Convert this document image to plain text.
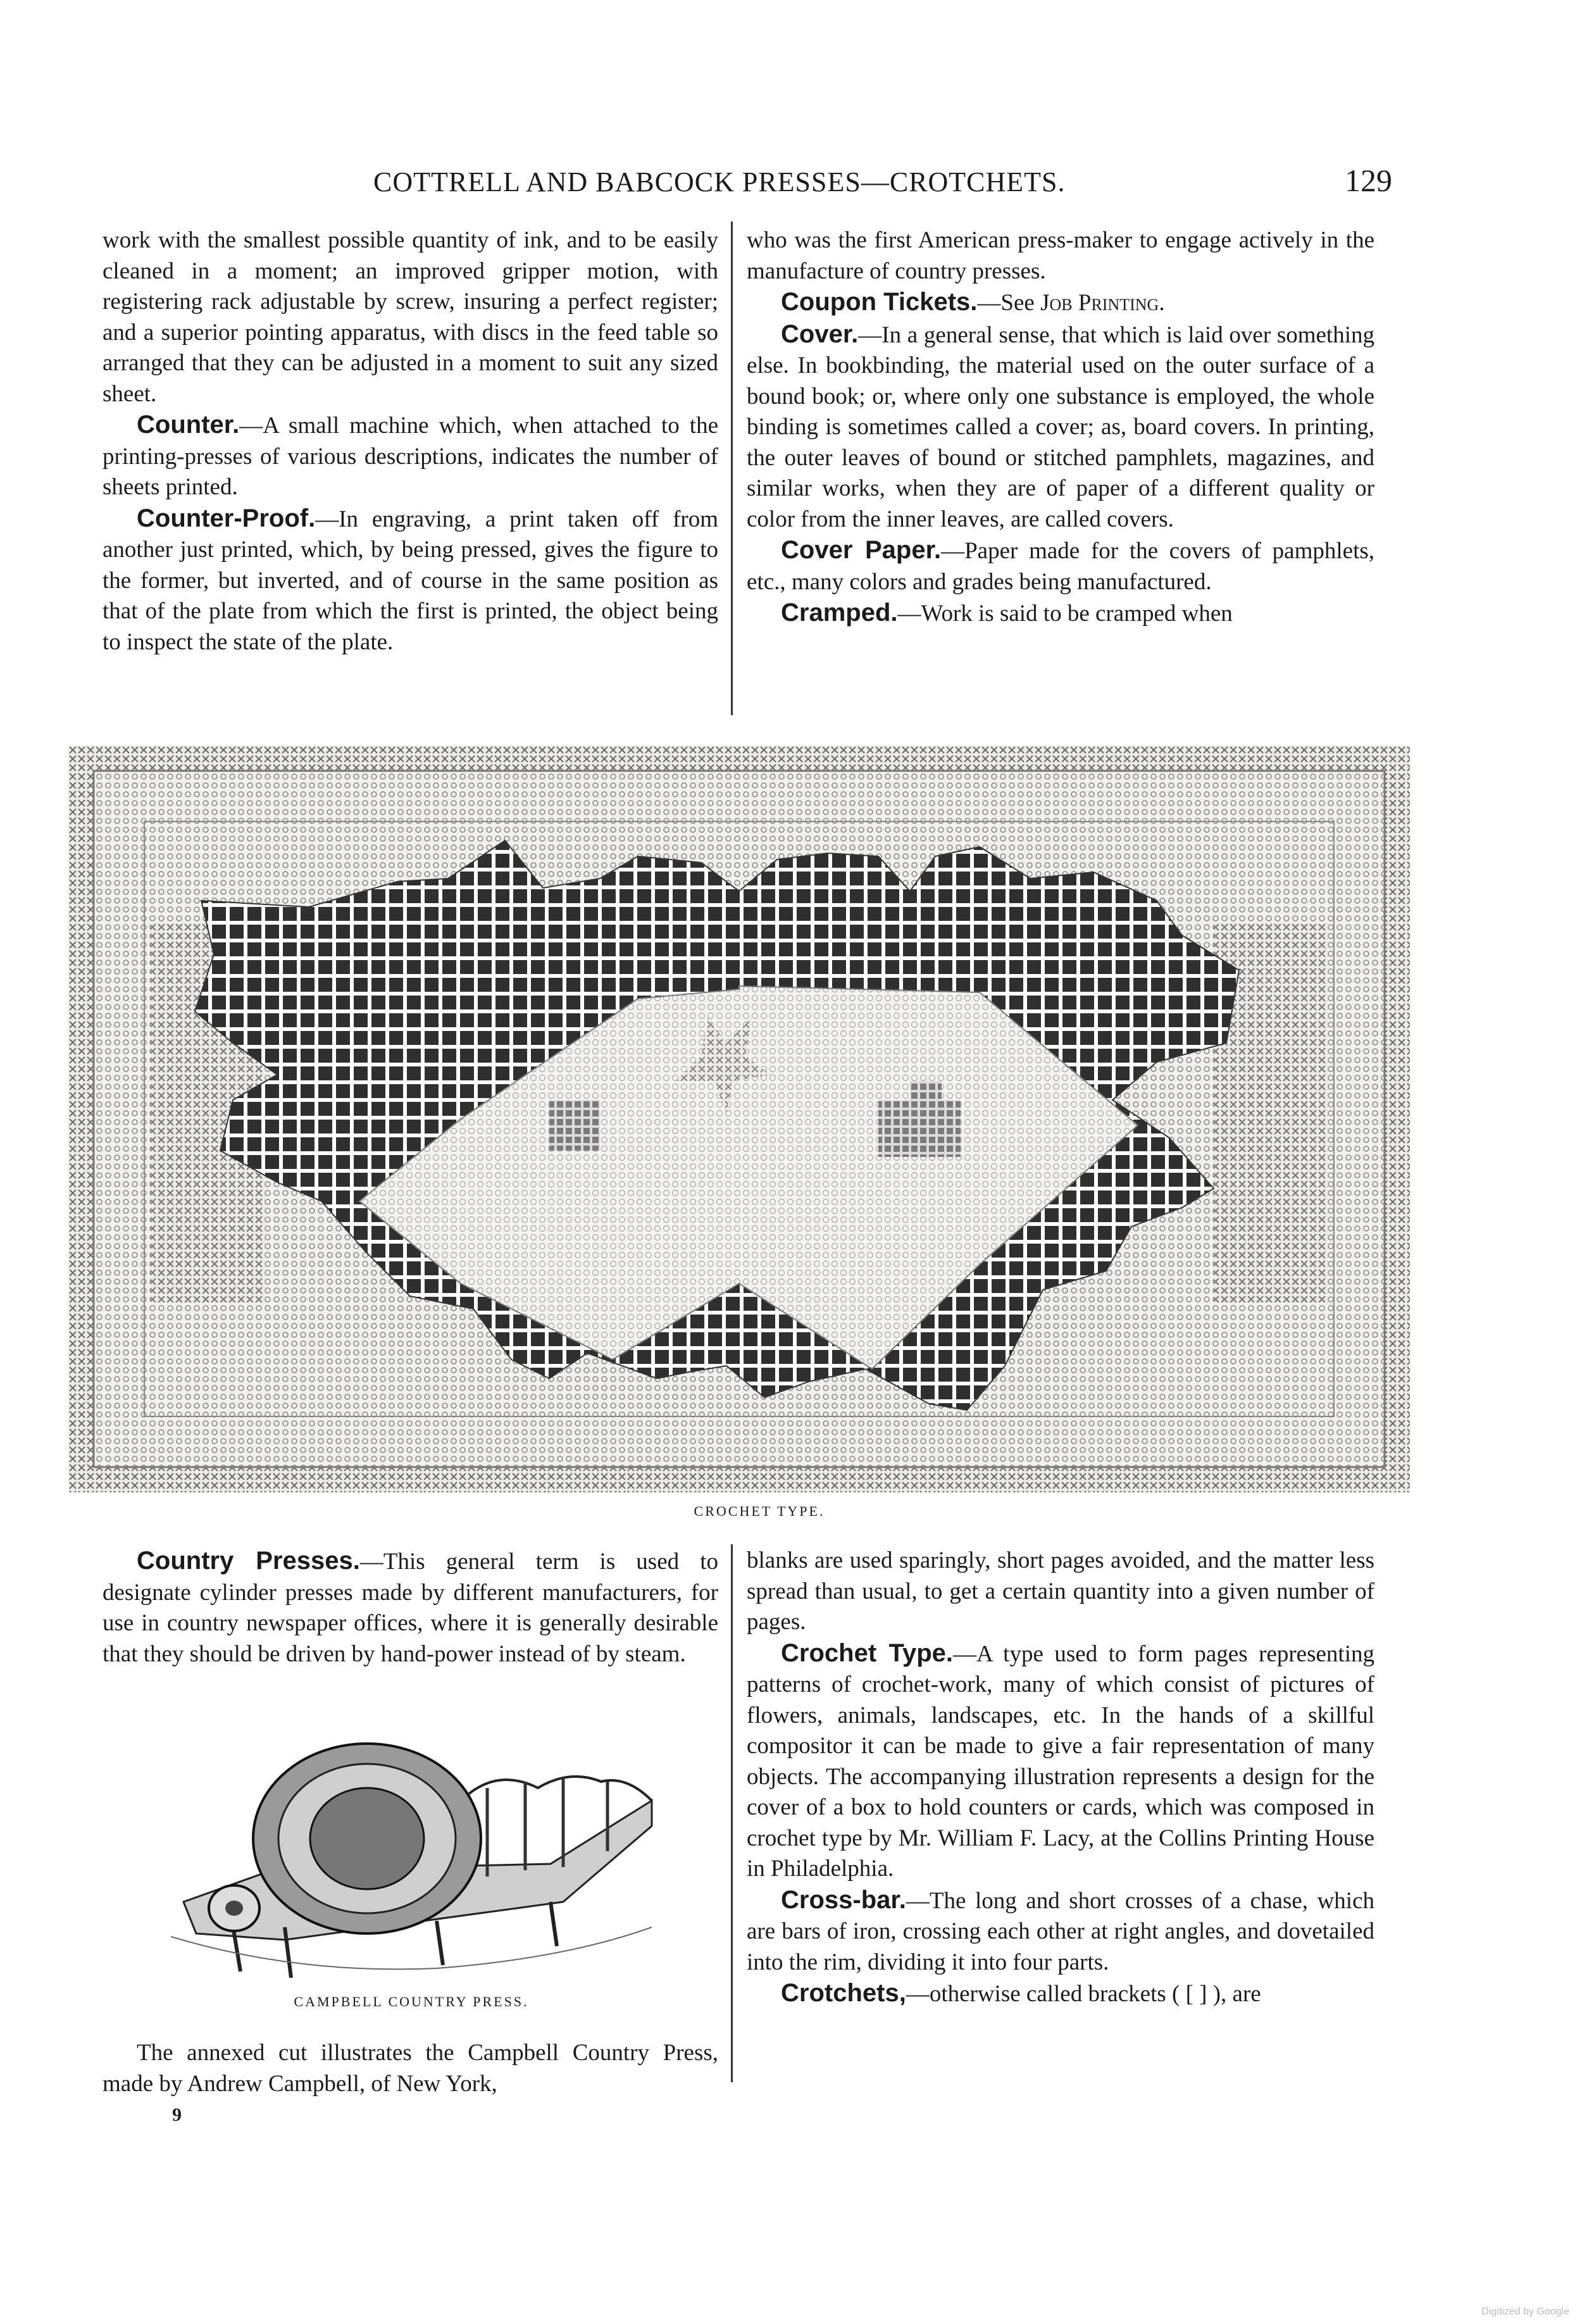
COTTRELL AND BABCOCK PRESSES—CROTCHETS.	129

work with the smallest possible quantity of ink, and to be easily cleaned in a moment; an improved gripper motion, with registering rack adjustable by screw, insuring a perfect register; and a superior pointing apparatus, with discs in the feed table so arranged that they can be adjusted in a moment to suit any sized sheet.

Counter.—A small machine which, when attached to the printing-presses of various descriptions, indicates the number of sheets printed.

Counter-Proof.—In engraving, a print taken off from another just printed, which, by being pressed, gives the figure to the former, but inverted, and of course in the same position as that of the plate from which the first is printed, the object being to inspect the state of the plate.

who was the first American press-maker to engage actively in the manufacture of country presses.

Coupon Tickets.—See Job Printing.

Cover.—In a general sense, that which is laid over something else. In bookbinding, the material used on the outer surface of a bound book; or, where only one substance is employed, the whole binding is sometimes called a cover; as, board covers. In printing, the outer leaves of bound or stitched pamphlets, magazines, and similar works, when they are of paper of a different quality or color from the inner leaves, are called covers.

Cover Paper.—Paper made for the covers of pamphlets, etc., many colors and grades being manufactured.

Cramped.—Work is said to be cramped when

CROCHET TYPE.

Country Presses.—This general term is used to designate cylinder presses made by different manufacturers, for use in country newspaper offices, where it is generally desirable that they should be driven by hand-power instead of by steam.

CAMPBELL COUNTRY PRESS.

The annexed cut illustrates the Campbell Country Press, made by Andrew Campbell, of New York,

9

blanks are used sparingly, short pages avoided, and the matter less spread than usual, to get a certain quantity into a given number of pages.

Crochet Type.—A type used to form pages representing patterns of crochet-work, many of which consist of pictures of flowers, animals, landscapes, etc. In the hands of a skillful compositor it can be made to give a fair representation of many objects. The accompanying illustration represents a design for the cover of a box to hold counters or cards, which was composed in crochet type by Mr. William F. Lacy, at the Collins Printing House in Philadelphia.

Cross-bar.—The long and short crosses of a chase, which are bars of iron, crossing each other at right angles, and dovetailed into the rim, dividing it into four parts.

Crotchets,—otherwise called brackets ( [ ] ), are

Digitized by Google
